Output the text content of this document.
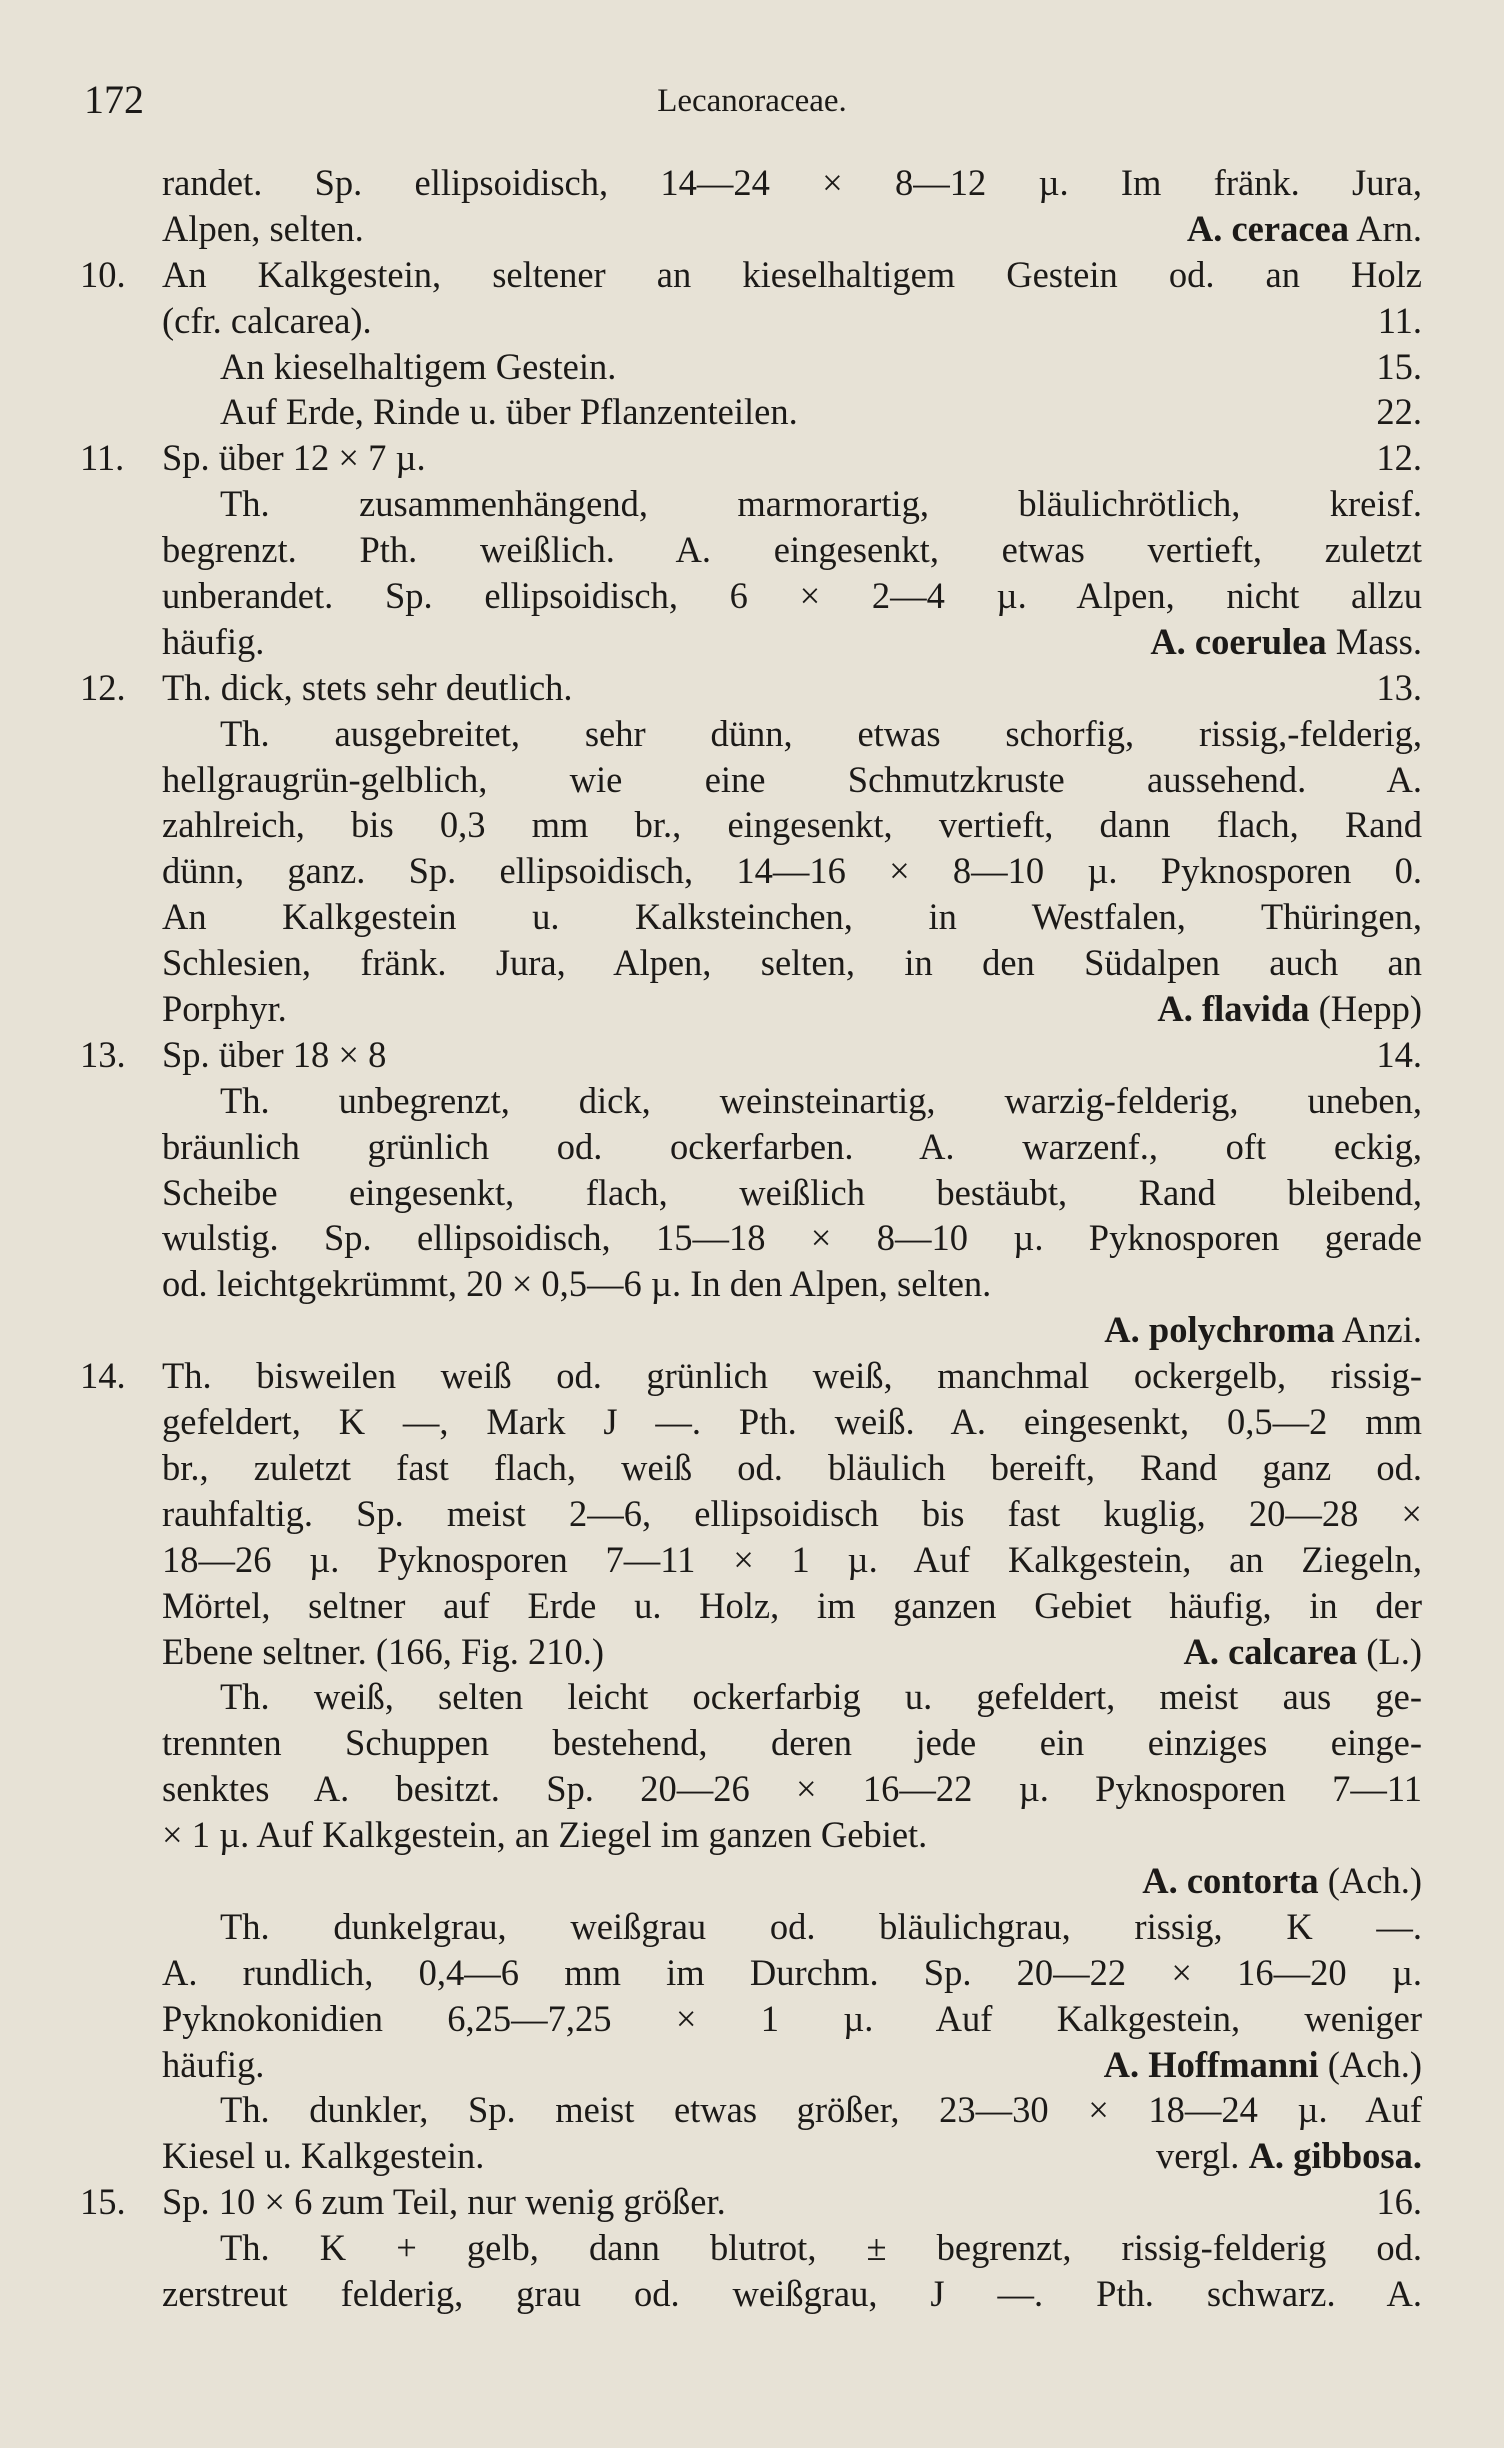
172	Lecanoraceae.
randet. Sp. ellipsoidisch, 14—24 × 8—12 µ. Im fränk. Jura,
Alpen, selten.	A. ceracea Arn.
10. An Kalkgestein, seltener an kieselhaltigem Gestein od. an Holz
(cfr. calcarea).	11.
An kieselhaltigem Gestein.	15.
Auf Erde, Rinde u. über Pflanzenteilen.	22.
11. Sp. über 12 × 7 µ.	12.
Th. zusammenhängend, marmorartig, bläulichrötlich, kreisf.
begrenzt. Pth. weißlich. A. eingesenkt, etwas vertieft, zuletzt
unberandet. Sp. ellipsoidisch, 6 × 2—4 µ. Alpen, nicht allzu
häufig.	A. coerulea Mass.
12. Th. dick, stets sehr deutlich.	13.
Th. ausgebreitet, sehr dünn, etwas schorfig, rissig,-felderig,
hellgraugrün-gelblich, wie eine Schmutzkruste aussehend. A.
zahlreich, bis 0,3 mm br., eingesenkt, vertieft, dann flach, Rand
dünn, ganz. Sp. ellipsoidisch, 14—16 × 8—10 µ. Pyknosporen 0.
An Kalkgestein u. Kalksteinchen, in Westfalen, Thüringen,
Schlesien, fränk. Jura, Alpen, selten, in den Südalpen auch an
Porphyr.	A. flavida (Hepp)
13. Sp. über 18 × 8	14.
Th. unbegrenzt, dick, weinsteinartig, warzig-felderig, uneben,
bräunlich grünlich od. ockerfarben. A. warzenf., oft eckig,
Scheibe eingesenkt, flach, weißlich bestäubt, Rand bleibend,
wulstig. Sp. ellipsoidisch, 15—18 × 8—10 µ. Pyknosporen gerade
od. leichtgekrümmt, 20 × 0,5—6 µ. In den Alpen, selten.
A. polychroma Anzi.
14. Th. bisweilen weiß od. grünlich weiß, manchmal ockergelb, rissig-
gefeldert, K —, Mark J —. Pth. weiß. A. eingesenkt, 0,5—2 mm
br., zuletzt fast flach, weiß od. bläulich bereift, Rand ganz od.
rauhfaltig. Sp. meist 2—6, ellipsoidisch bis fast kuglig, 20—28 ×
18—26 µ. Pyknosporen 7—11 × 1 µ. Auf Kalkgestein, an Ziegeln,
Mörtel, seltner auf Erde u. Holz, im ganzen Gebiet häufig, in der
Ebene seltner. (166, Fig. 210.)	A. calcarea (L.)
Th. weiß, selten leicht ockerfarbig u. gefeldert, meist aus ge-
trennten Schuppen bestehend, deren jede ein einziges einge-
senktes A. besitzt. Sp. 20—26 × 16—22 µ. Pyknosporen 7—11
× 1 µ. Auf Kalkgestein, an Ziegel im ganzen Gebiet.
A. contorta (Ach.)
Th. dunkelgrau, weißgrau od. bläulichgrau, rissig, K —.
A. rundlich, 0,4—6 mm im Durchm. Sp. 20—22 × 16—20 µ.
Pyknokonidien 6,25—7,25 × 1 µ. Auf Kalkgestein, weniger
häufig.	A. Hoffmanni (Ach.)
Th. dunkler, Sp. meist etwas größer, 23—30 × 18—24 µ. Auf
Kiesel u. Kalkgestein.	vergl. A. gibbosa.
15. Sp. 10 × 6 zum Teil, nur wenig größer.	16.
Th. K + gelb, dann blutrot, ± begrenzt, rissig-felderig od.
zerstreut felderig, grau od. weißgrau, J —. Pth. schwarz. A.
